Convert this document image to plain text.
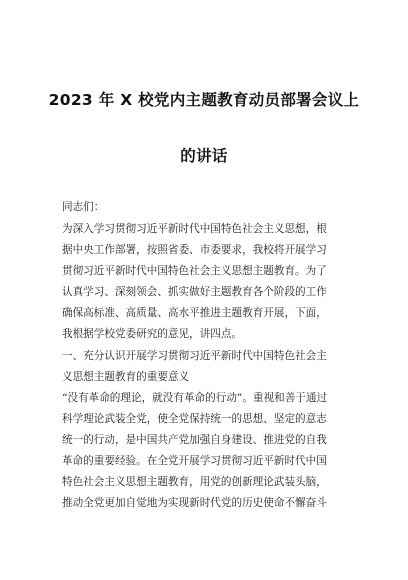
2023 年 X 校党内主题教育动员部署会议上
的讲话
同志们：
为深入学习贯彻习近平新时代中国特色社会主义思想，根
据中央工作部署，按照省委、市委要求，我校将开展学习
贯彻习近平新时代中国特色社会主义思想主题教育。为了
认真学习、深刻领会、抓实做好主题教育各个阶段的工作
确保高标准、高质量、高水平推进主题教育开展，下面，
我根据学校党委研究的意见，讲四点。
一、充分认识开展学习贯彻习近平新时代中国特色社会主
义思想主题教育的重要意义
“没有革命的理论，就没有革命的行动”。重视和善于通过
科学理论武装全党，使全党保持统一的思想、坚定的意志
统一的行动，是中国共产党加强自身建设、推进党的自我
革命的重要经验。在全党开展学习贯彻习近平新时代中国
特色社会主义思想主题教育，用党的创新理论武装头脑，
推动全党更加自觉地为实现新时代党的历史使命不懈奋斗
